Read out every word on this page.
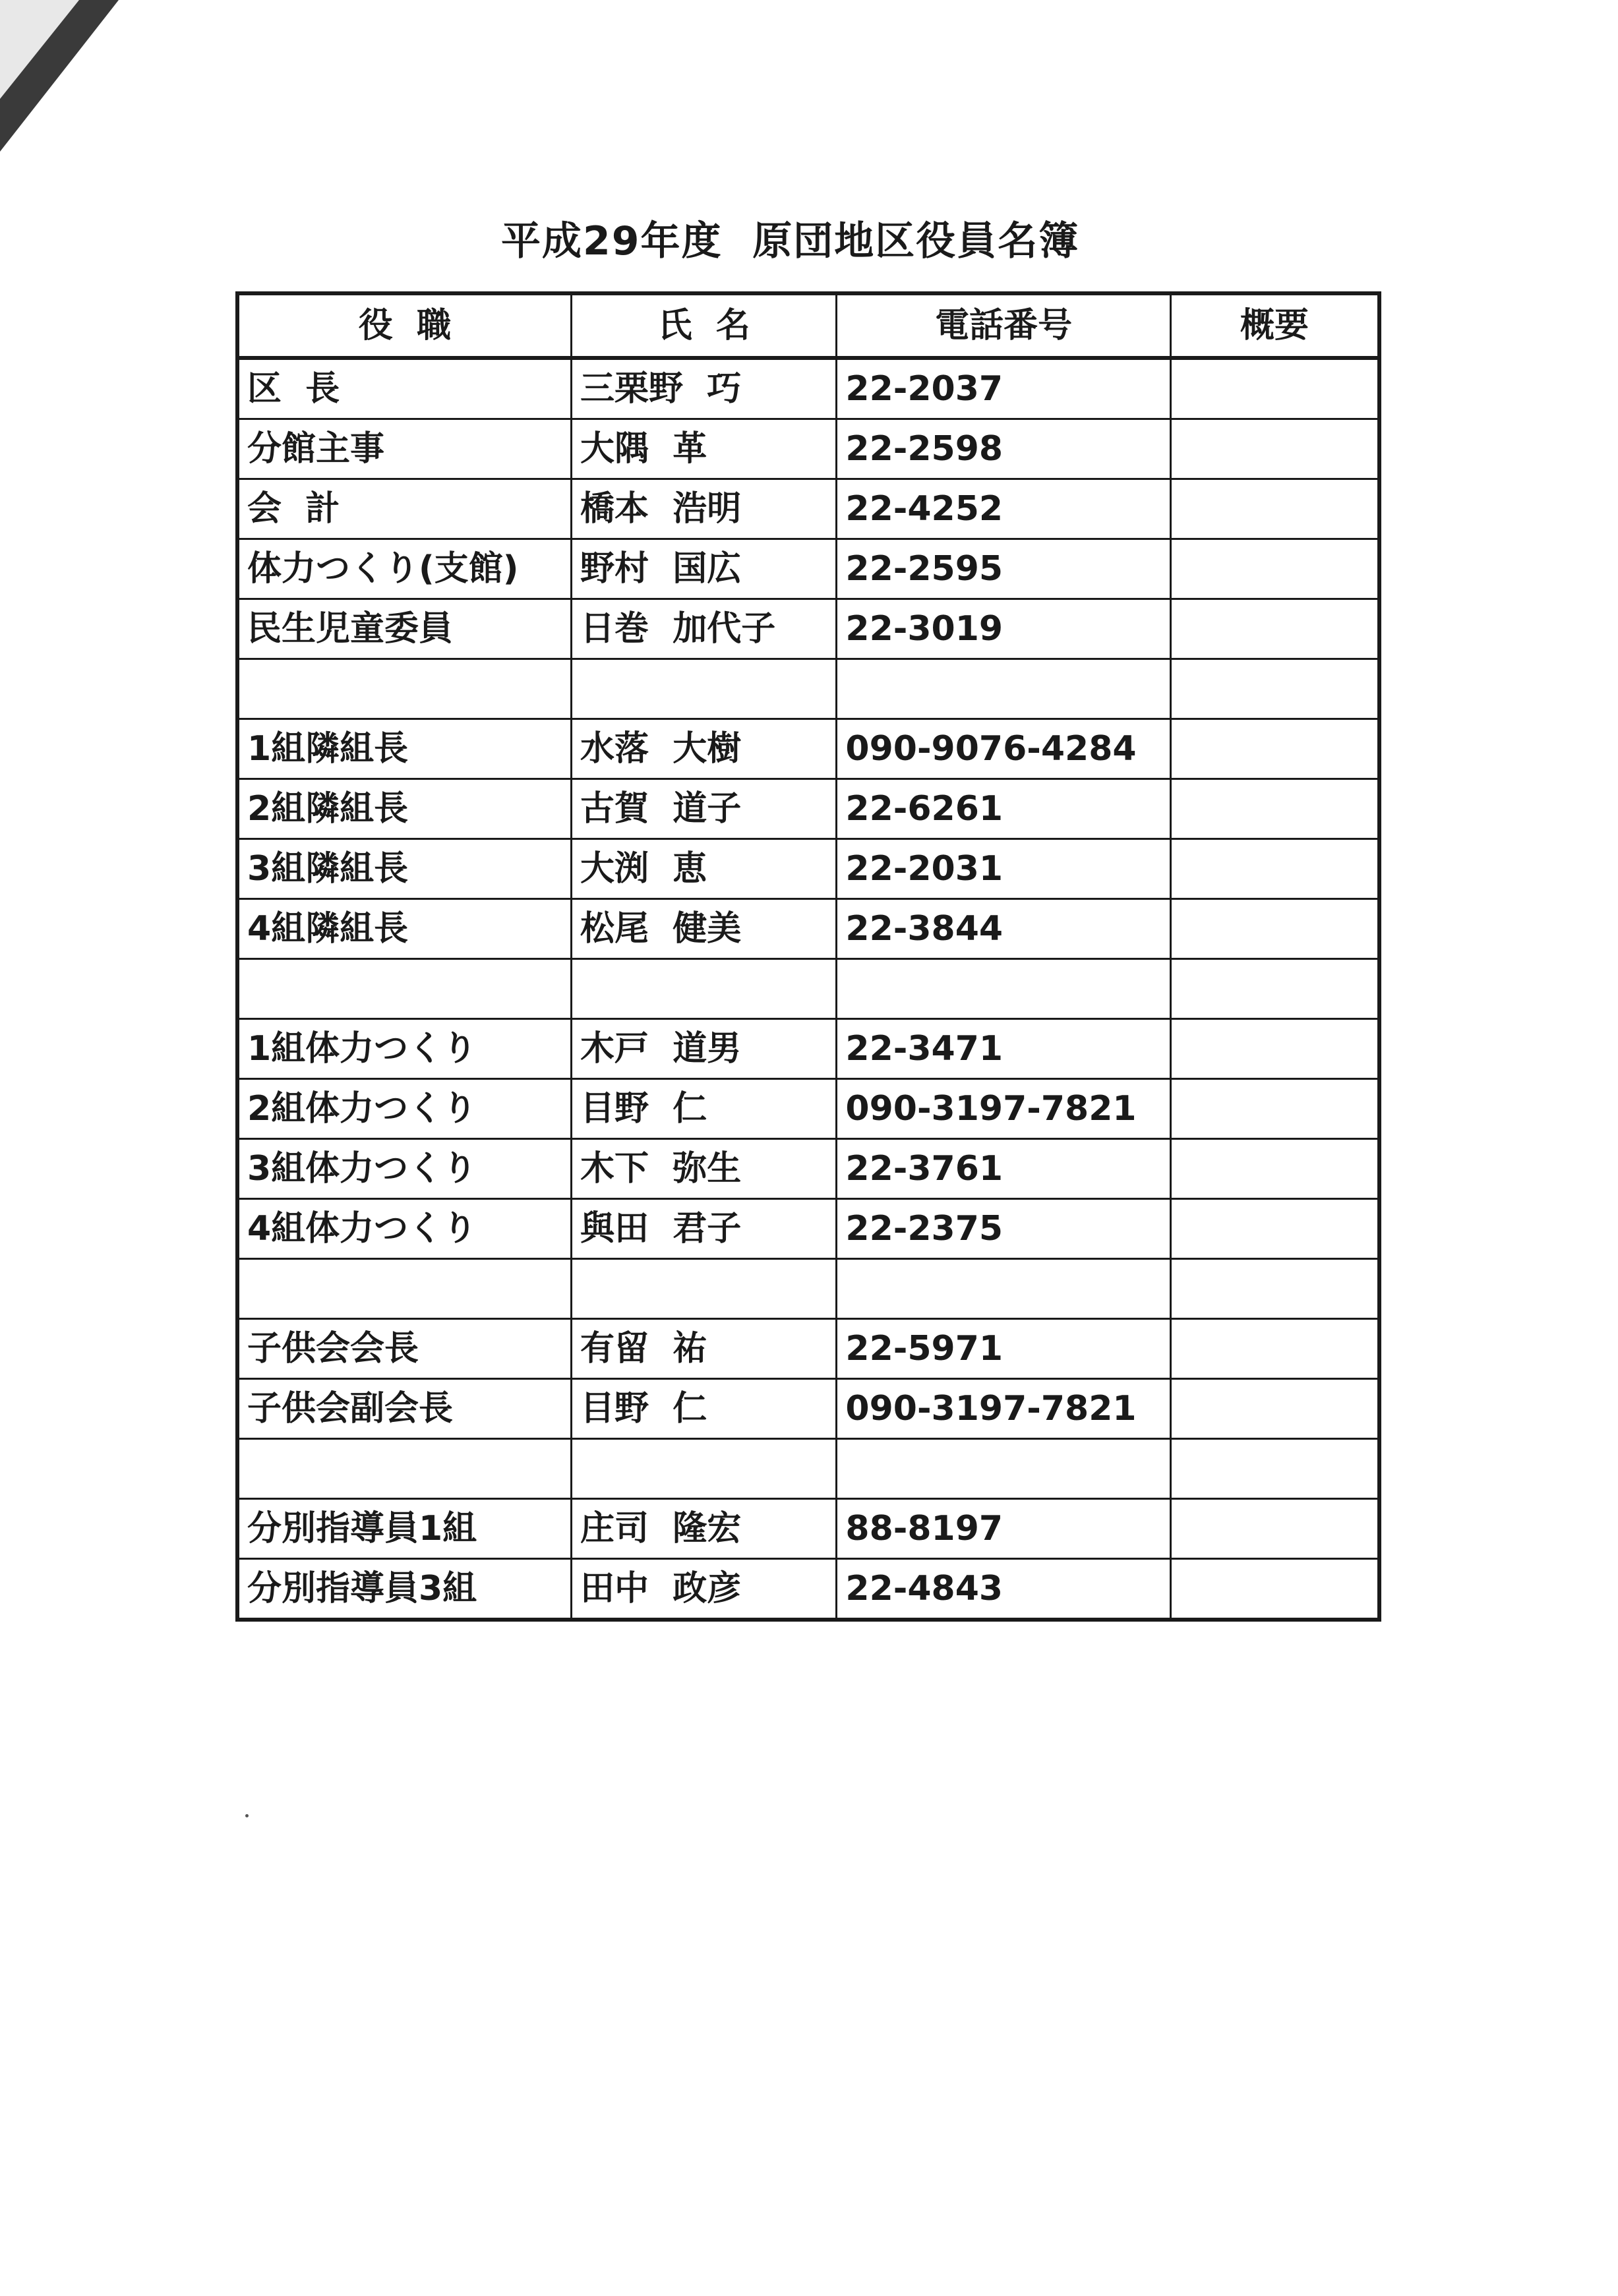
平成29年度  原団地区役員名簿
役  職	氏  名	電話番号	概要
区  長	三栗野  巧	22-2037	
分館主事	大隅  革	22-2598	
会  計	橋本  浩明	22-4252	
体力つくり(支館)	野村  国広	22-2595	
民生児童委員	日巻  加代子	22-3019	

1組隣組長	水落  大樹	090-9076-4284	
2組隣組長	古賀  道子	22-6261	
3組隣組長	大渕  恵	22-2031	
4組隣組長	松尾  健美	22-3844	

1組体力つくり	木戸  道男	22-3471	
2組体力つくり	目野  仁	090-3197-7821	
3組体力つくり	木下  弥生	22-3761	
4組体力つくり	與田  君子	22-2375	

子供会会長	有留  祐	22-5971	
子供会副会長	目野  仁	090-3197-7821	

分別指導員1組	庄司  隆宏	88-8197	
分別指導員3組	田中  政彦	22-4843	
